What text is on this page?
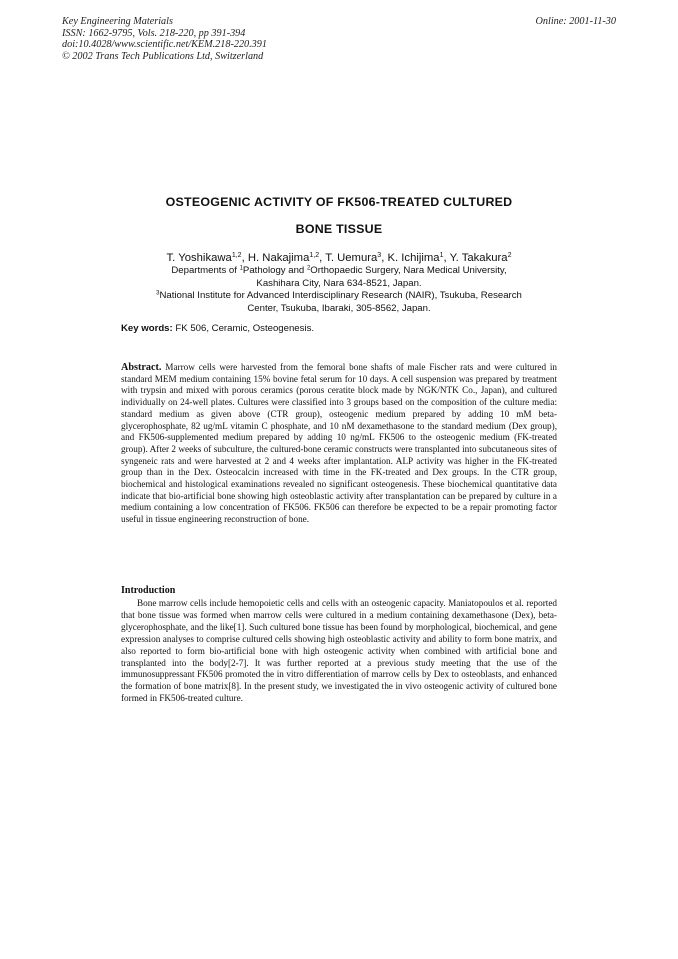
Key Engineering Materials
ISSN: 1662-9795, Vols. 218-220, pp 391-394
doi:10.4028/www.scientific.net/KEM.218-220.391
© 2002 Trans Tech Publications Ltd, Switzerland
Online: 2001-11-30
OSTEOGENIC ACTIVITY OF FK506-TREATED CULTURED
BONE TISSUE
T. Yoshikawa$^{1,2}$, H. Nakajima$^{1,2}$, T. Uemura$^3$, K. Ichijima$^1$, Y. Takakura$^2$
Departments of $^1$Pathology and $^2$Orthopaedic Surgery, Nara Medical University,
Kashihara City, Nara 634-8521, Japan.
$^3$National Institute for Advanced Interdisciplinary Research (NAIR), Tsukuba, Research
Center, Tsukuba, Ibaraki, 305-8562, Japan.
Key words: FK 506, Ceramic, Osteogenesis.
Abstract. Marrow cells were harvested from the femoral bone shafts of male Fischer rats and were cultured in standard MEM medium containing 15% bovine fetal serum for 10 days. A cell suspension was prepared by treatment with trypsin and mixed with porous ceramics (porous ceratite block made by NGK/NTK Co., Japan), and cultured individually on 24-well plates. Cultures were classified into 3 groups based on the composition of the culture media: standard medium as given above (CTR group), osteogenic medium prepared by adding 10 mM beta-glycerophosphate, 82 ug/mL vitamin C phosphate, and 10 nM dexamethasone to the standard medium (Dex group), and FK506-supplemented medium prepared by adding 10 ng/mL FK506 to the osteogenic medium (FK-treated group). After 2 weeks of subculture, the cultured-bone ceramic constructs were transplanted into subcutaneous sites of syngeneic rats and were harvested at 2 and 4 weeks after implantation. ALP activity was higher in the FK-treated group than in the Dex. Osteocalcin increased with time in the FK-treated and Dex groups. In the CTR group, biochemical and histological examinations revealed no significant osteogenesis. These biochemical quantitative data indicate that bio-artificial bone showing high osteoblastic activity after transplantation can be prepared by culture in a medium containing a low concentration of FK506. FK506 can therefore be expected to be a repair promoting factor useful in tissue engineering reconstruction of bone.
Introduction
Bone marrow cells include hemopoietic cells and cells with an osteogenic capacity. Maniatopoulos et al. reported that bone tissue was formed when marrow cells were cultured in a medium containing dexamethasone (Dex), beta-glycerophosphate, and the like[1]. Such cultured bone tissue has been found by morphological, biochemical, and gene expression analyses to comprise cultured cells showing high osteoblastic activity and ability to form bone matrix, and also reported to form bio-artificial bone with high osteogenic activity when combined with artificial bone and transplanted into the body[2-7]. It was further reported at a previous study meeting that the use of the immunosuppressant FK506 promoted the in vitro differentiation of marrow cells by Dex to osteoblasts, and enhanced the formation of bone matrix[8]. In the present study, we investigated the in vivo osteogenic activity of cultured bone formed in FK506-treated culture.
